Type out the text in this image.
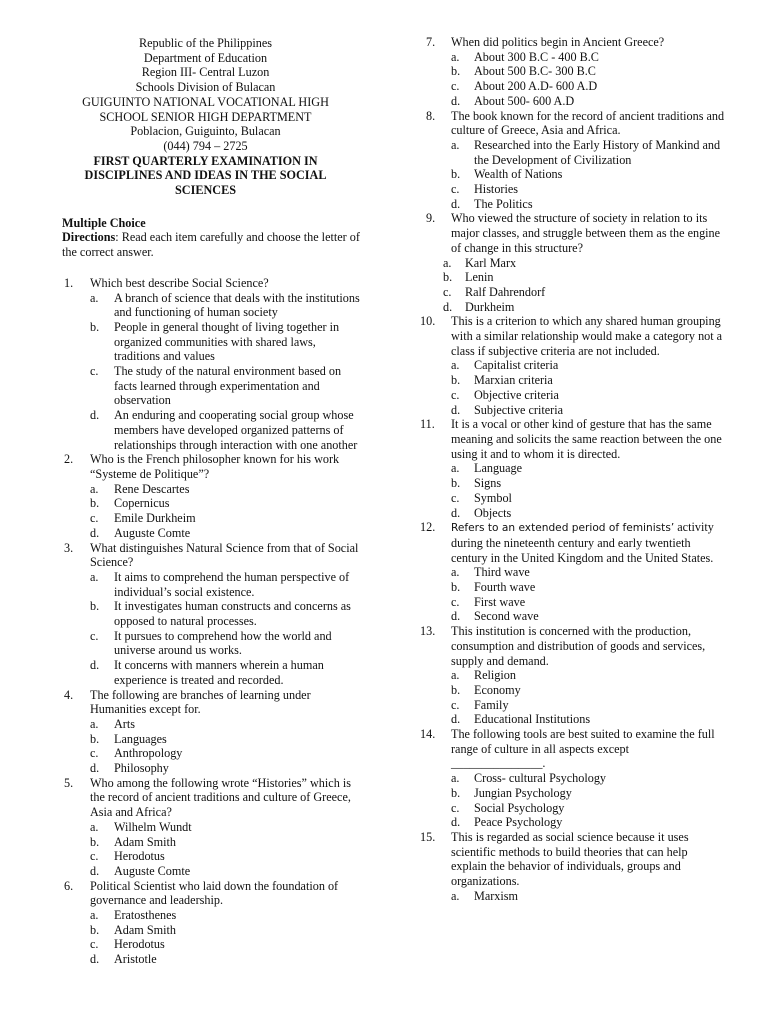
Republic of the Philippines
Department of Education
Region III- Central Luzon
Schools Division of Bulacan
GUIGUINTO NATIONAL VOCATIONAL HIGH
SCHOOL SENIOR HIGH DEPARTMENT
Poblacion, Guiguinto, Bulacan
(044) 794 – 2725
FIRST QUARTERLY EXAMINATION IN DISCIPLINES AND IDEAS IN THE SOCIAL SCIENCES
Multiple Choice
Directions: Read each item carefully and choose the letter of the correct answer.
1.	Which best describe Social Science?
a. A branch of science that deals with the institutions and functioning of human society
b. People in general thought of living together in organized communities with shared laws, traditions and values
c. The study of the natural environment based on facts learned through experimentation and observation
d. An enduring and cooperating social group whose members have developed organized patterns of relationships through interaction with one another
2.	Who is the French philosopher known for his work “Systeme de Politique”?
a. Rene Descartes
b. Copernicus
c. Emile Durkheim
d. Auguste Comte
3.	What distinguishes Natural Science from that of Social Science?
a. It aims to comprehend the human perspective of individual’s social existence.
b. It investigates human constructs and concerns as opposed to natural processes.
c. It pursues to comprehend how the world and universe around us works.
d. It concerns with manners wherein a human experience is treated and recorded.
4.	The following are branches of learning under Humanities except for.
a. Arts
b. Languages
c. Anthropology
d. Philosophy
5.	Who among the following wrote “Histories” which is the record of ancient traditions and culture of Greece, Asia and Africa?
a. Wilhelm Wundt
b. Adam Smith
c. Herodotus
d. Auguste Comte
6.	Political Scientist who laid down the foundation of governance and leadership.
a. Eratosthenes
b. Adam Smith
c. Herodotus
d. Aristotle
7.	When did politics begin in Ancient Greece?
a. About 300 B.C - 400 B.C
b. About 500 B.C- 300 B.C
c. About 200 A.D- 600 A.D
d. About 500- 600 A.D
8.	The book known for the record of ancient traditions and culture of Greece, Asia and Africa.
a. Researched into the Early History of Mankind and the Development of Civilization
b. Wealth of Nations
c. Histories
d. The Politics
9.	Who viewed the structure of society in relation to its major classes, and struggle between them as the engine of change in this structure?
a. Karl Marx
b. Lenin
c. Ralf Dahrendorf
d. Durkheim
10.	This is a criterion to which any shared human grouping with a similar relationship would make a category not a class if subjective criteria are not included.
a. Capitalist criteria
b. Marxian criteria
c. Objective criteria
d. Subjective criteria
11.	It is a vocal or other kind of gesture that has the same meaning and solicits the same reaction between the one using it and to whom it is directed.
a. Language
b. Signs
c. Symbol
d. Objects
12.	Refers to an extended period of feminists’ activity during the nineteenth century and early twentieth century in the United Kingdom and the United States.
a. Third wave
b. Fourth wave
c. First wave
d. Second wave
13.	This institution is concerned with the production, consumption and distribution of goods and services, supply and demand.
a. Religion
b. Economy
c. Family
d. Educational Institutions
14.	The following tools are best suited to examine the full range of culture in all aspects except _______________.
a. Cross- cultural Psychology
b. Jungian Psychology
c. Social Psychology
d. Peace Psychology
15.	This is regarded as social science because it uses scientific methods to build theories that can help explain the behavior of individuals, groups and organizations.
a. Marxism
